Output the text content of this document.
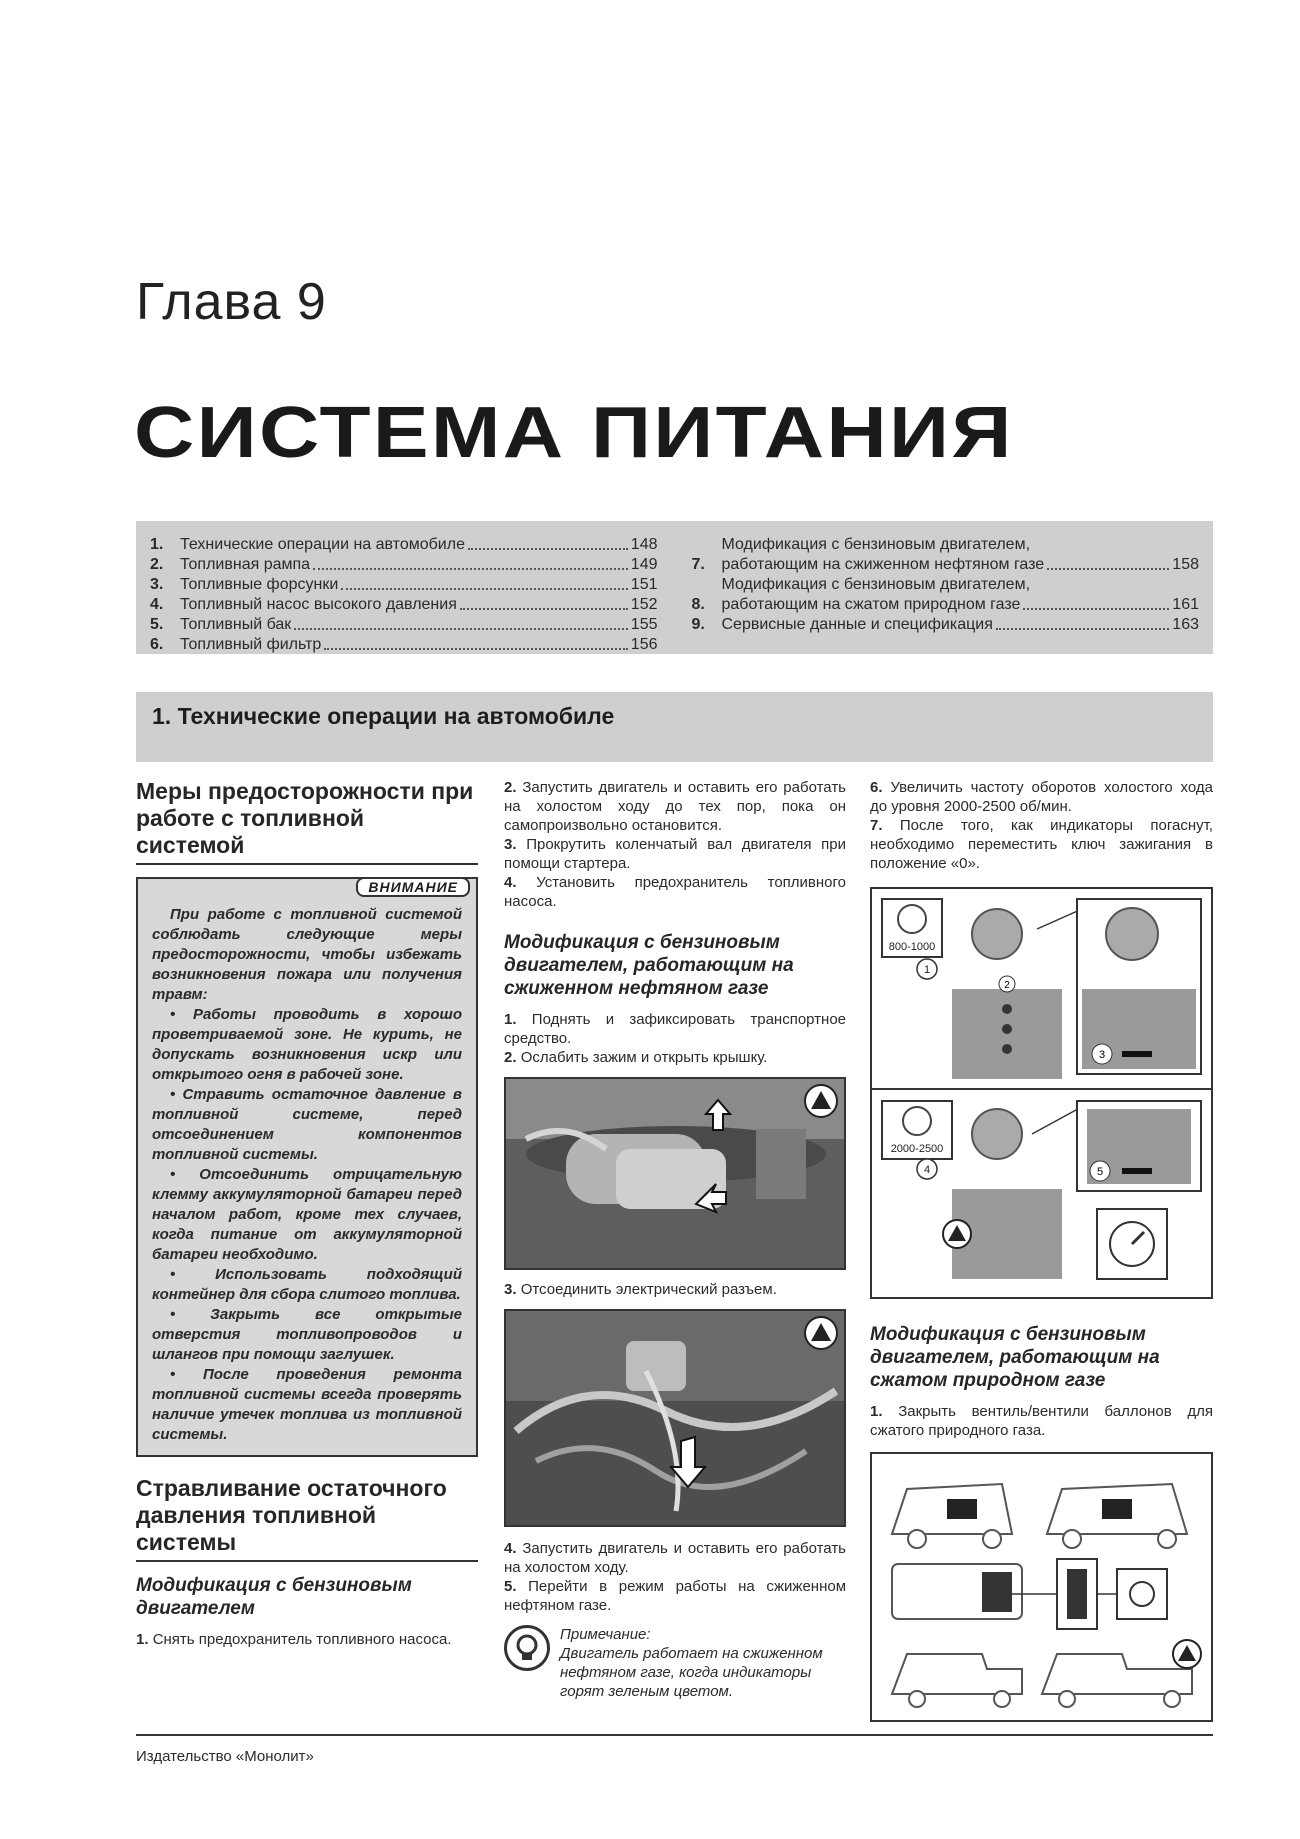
Глава 9
СИСТЕМА ПИТАНИЯ
1.	Технические операции на автомобиле	148
2.	Топливная рампа	149
3.	Топливные форсунки	151
4.	Топливный насос высокого давления	152
5.	Топливный бак	155
6.	Топливный фильтр	156
7.
Модификация с бензиновым двигателем,
работающим на сжиженном нефтяном газе	158
8.
Модификация с бензиновым двигателем,
работающим на сжатом природном газе	161
9.	Сервисные данные и спецификация	163
1. Технические операции на автомобиле
Меры предосторожности при работе с топливной системой
ВНИМАНИЕ

При работе с топливной системой соблюдать следующие меры предосторожности, чтобы избежать возникновения пожара или получения травм:

• Работы проводить в хорошо проветриваемой зоне. Не курить, не допускать возникновения искр или открытого огня в рабочей зоне.

• Стравить остаточное давление в топливной системе, перед отсоединением компонентов топливной системы.

• Отсоединить отрицательную клемму аккумуляторной батареи перед началом работ, кроме тех случаев, когда питание от аккумуляторной батареи необходимо.

• Использовать подходящий контейнер для сбора слитого топлива.

• Закрыть все открытые отверстия топливопроводов и шлангов при помощи заглушек.

• После проведения ремонта топливной системы всегда проверять наличие утечек топлива из топливной системы.

Стравливание остаточного давления топливной системы
Модификация с бензиновым двигателем
1. Снять предохранитель топливного насоса.
2. Запустить двигатель и оставить его работать на холостом ходу до тех пор, пока он самопроизвольно остановится.
3. Прокрутить коленчатый вал двигателя при помощи стартера.
4. Установить предохранитель топливного насоса.
Модификация с бензиновым двигателем, работающим на сжиженном нефтяном газе
1. Поднять и зафиксировать транспортное средство.
2. Ослабить зажим и открыть крышку.
3. Отсоединить электрический разъем.
4. Запустить двигатель и оставить его работать на холостом ходу.
5. Перейти в режим работы на сжиженном нефтяном газе.
Примечание:
Двигатель работает на сжиженном нефтяном газе, когда индикаторы горят зеленым цветом.
6. Увеличить частоту оборотов холостого хода до уровня 2000-2500 об/мин.
7. После того, как индикаторы погаснут, необходимо переместить ключ зажигания в положение «0».
800-1000
1
2
3
2000-2500
4	5
Модификация с бензиновым двигателем, работающим на сжатом природном газе
1. Закрыть вентиль/вентили баллонов для сжатого природного газа.
Издательство «Монолит»
